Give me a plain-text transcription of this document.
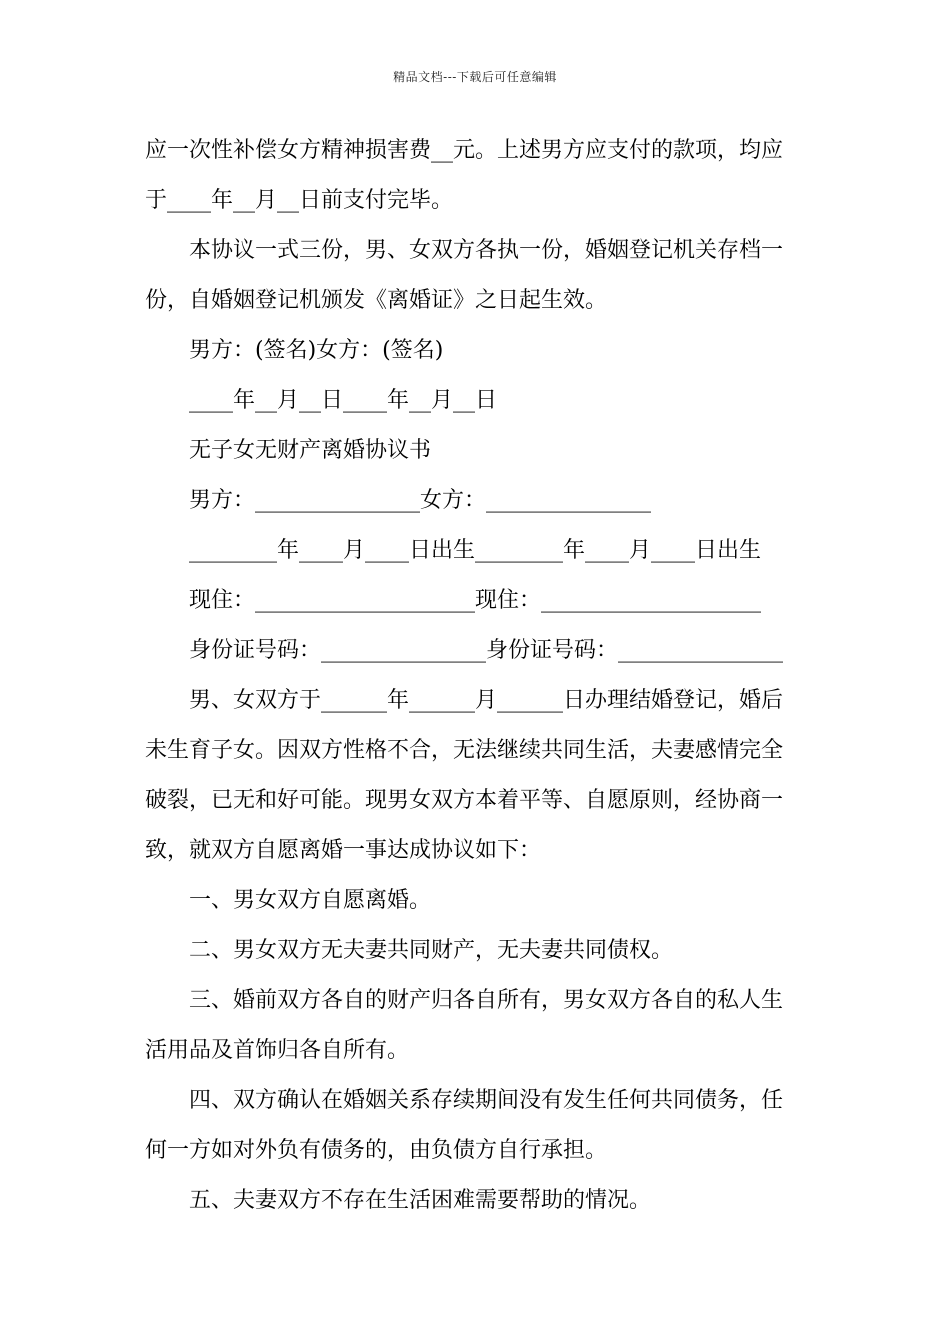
精品文档---下载后可任意编辑
应一次性补偿女方精神损害费__元。上述男方应支付的款项，均应
于____年__月__日前支付完毕。
本协议一式三份，男、女双方各执一份，婚姻登记机关存档一
份，自婚姻登记机颁发《离婚证》之日起生效。
男方：(签名)女方：(签名)
____年__月__日____年__月__日
无子女无财产离婚协议书
男方：_______________女方：_______________
________年____月____日出生________年____月____日出生
现住：____________________现住：____________________
身份证号码：_______________身份证号码：_______________
男、女双方于______年______月______日办理结婚登记，婚后
未生育子女。因双方性格不合，无法继续共同生活，夫妻感情完全
破裂，已无和好可能。现男女双方本着平等、自愿原则，经协商一
致，就双方自愿离婚一事达成协议如下：
一、男女双方自愿离婚。
二、男女双方无夫妻共同财产，无夫妻共同债权。
三、婚前双方各自的财产归各自所有，男女双方各自的私人生
活用品及首饰归各自所有。
四、双方确认在婚姻关系存续期间没有发生任何共同债务，任
何一方如对外负有债务的，由负债方自行承担。
五、夫妻双方不存在生活困难需要帮助的情况。
